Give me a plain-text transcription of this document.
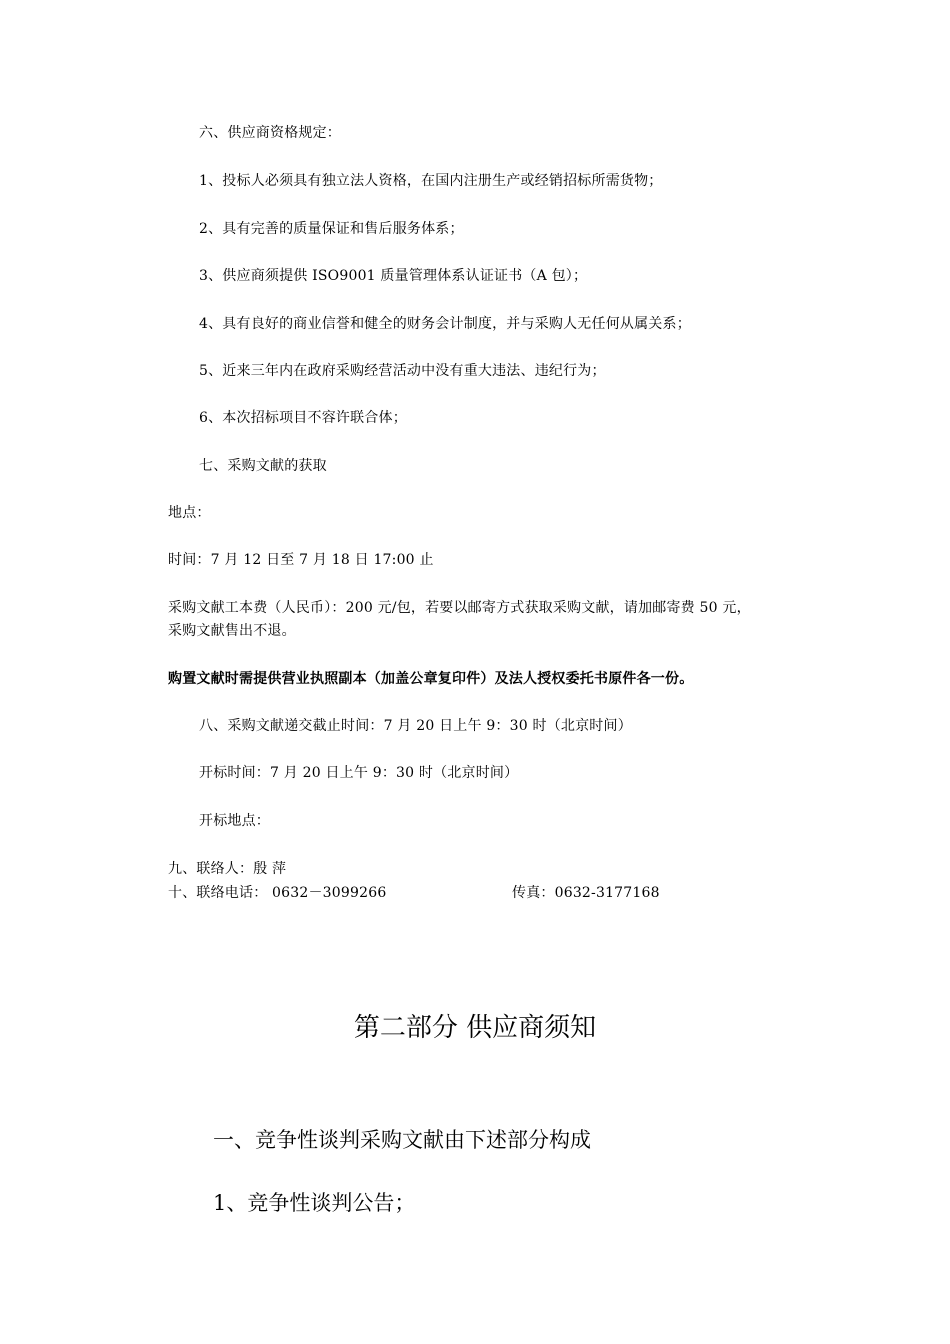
六、供应商资格规定：
1、投标人必须具有独立法人资格，在国内注册生产或经销招标所需货物；
2、具有完善的质量保证和售后服务体系；
3、供应商须提供 ISO9001 质量管理体系认证证书（A 包）；
4、具有良好的商业信誉和健全的财务会计制度，并与采购人无任何从属关系；
5、近来三年内在政府采购经营活动中没有重大违法、违纪行为；
6、本次招标项目不容许联合体；
七、采购文献的获取
地点：
时间：7 月 12 日至 7 月 18 日 17:00 止
采购文献工本费（人民币）：200 元/包，若要以邮寄方式获取采购文献，请加邮寄费 50 元，
采购文献售出不退。
购置文献时需提供营业执照副本（加盖公章复印件）及法人授权委托书原件各一份。
八、采购文献递交截止时间：7 月 20 日上午 9：30 时（北京时间）
开标时间：7 月 20 日上午 9：30 时（北京时间）
开标地点：
九、联络人：殷 萍
十、联络电话： 0632－3099266	传真：0632-3177168
第二部分 供应商须知
一、竞争性谈判采购文献由下述部分构成
1、竞争性谈判公告；
